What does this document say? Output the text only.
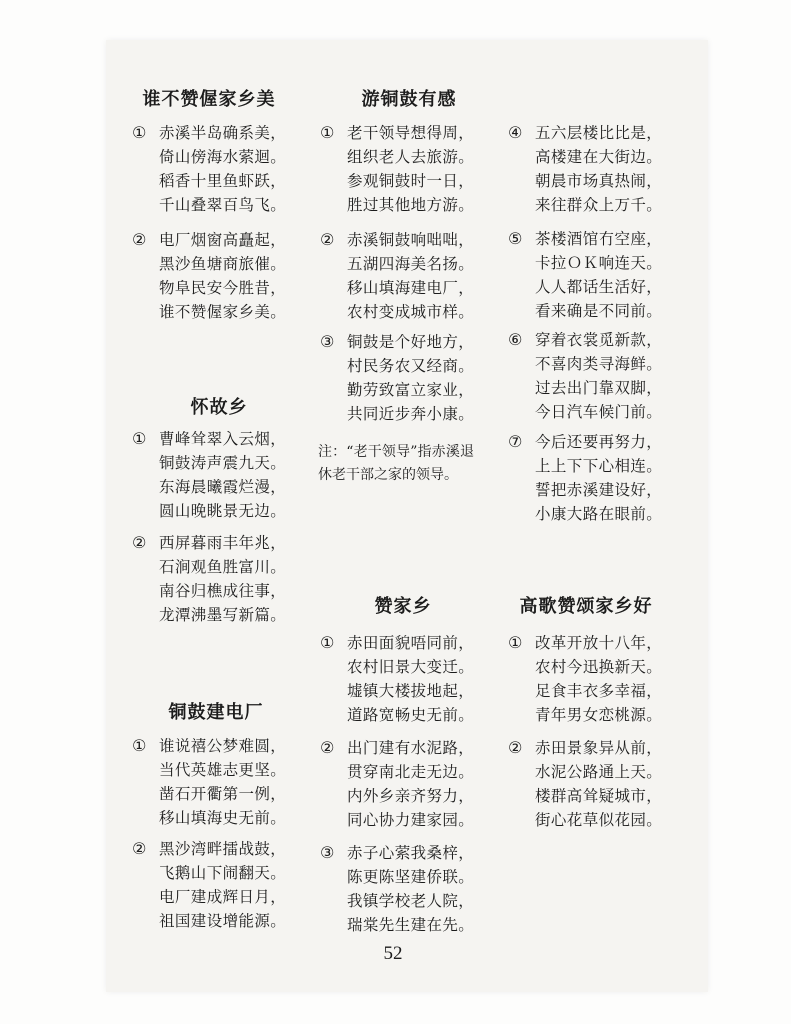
谁不赞偓家乡美
① 赤溪半岛确系美，
倚山傍海水萦迴。
稻香十里鱼虾跃，
千山叠翠百鸟飞。
② 电厂烟窗高矗起，
黑沙鱼塘商旅催。
物阜民安今胜昔，
谁不赞偓家乡美。
怀故乡
① 曹峰耸翠入云烟，
铜鼓涛声震九天。
东海晨曦霞烂漫，
圆山晚眺景无边。
② 西屏暮雨丰年兆，
石涧观鱼胜富川。
南谷归樵成往事，
龙潭沸墨写新篇。
铜鼓建电厂
① 谁说禧公梦难圆，
当代英雄志更坚。
凿石开衢第一例，
移山填海史无前。
② 黑沙湾畔擂战鼓，
飞鹅山下闹翻天。
电厂建成辉日月，
祖国建设增能源。
游铜鼓有感
① 老干领导想得周，
组织老人去旅游。
参观铜鼓时一日，
胜过其他地方游。
② 赤溪铜鼓响咄咄，
五湖四海美名扬。
移山填海建电厂，
农村变成城市样。
③ 铜鼓是个好地方，
村民务农又经商。
勤劳致富立家业，
共同近步奔小康。
注：“老干领导”指赤溪退休老干部之家的领导。
赞家乡
① 赤田面貌唔同前，
农村旧景大变迁。
墟镇大楼拔地起，
道路宽畅史无前。
② 出门建有水泥路，
贯穿南北走无边。
内外乡亲齐努力，
同心协力建家园。
③ 赤子心萦我桑梓，
陈更陈坚建侨联。
我镇学校老人院，
瑞棠先生建在先。
④ 五六层楼比比是，
高楼建在大街边。
朝晨市场真热闹，
来往群众上万千。
⑤ 茶楼酒馆冇空座，
卡拉ＯＫ响连天。
人人都话生活好，
看来确是不同前。
⑥ 穿着衣裳觅新款，
不喜肉类寻海鲜。
过去出门靠双脚，
今日汽车候门前。
⑦ 今后还要再努力，
上上下下心相连。
誓把赤溪建设好，
小康大路在眼前。
高歌赞颂家乡好
① 改革开放十八年，
农村今迅换新天。
足食丰衣多幸福，
青年男女恋桃源。
② 赤田景象异从前，
水泥公路通上天。
楼群高耸疑城市，
街心花草似花园。
52
